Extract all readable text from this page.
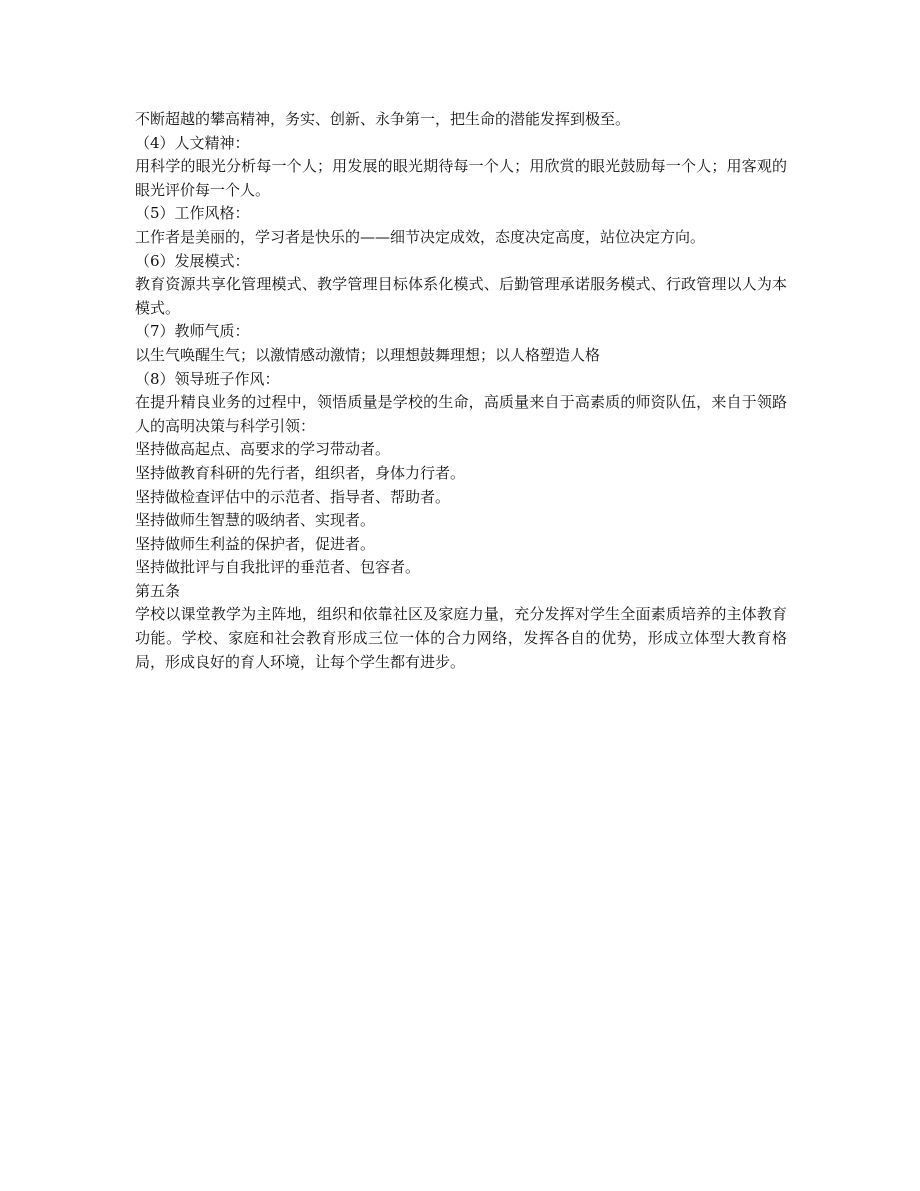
不断超越的攀高精神，务实、创新、永争第一，把生命的潜能发挥到极至。

（4）人文精神：

用科学的眼光分析每一个人；用发展的眼光期待每一个人；用欣赏的眼光鼓励每一个人；用客观的眼光评价每一个人。

（5）工作风格：

工作者是美丽的，学习者是快乐的——细节决定成效，态度决定高度，站位决定方向。

（6）发展模式：

教育资源共享化管理模式、教学管理目标体系化模式、后勤管理承诺服务模式、行政管理以人为本模式。

（7）教师气质：

以生气唤醒生气；以激情感动激情；以理想鼓舞理想；以人格塑造人格

（8）领导班子作风：

在提升精良业务的过程中，领悟质量是学校的生命，高质量来自于高素质的师资队伍，来自于领路人的高明决策与科学引领：

坚持做高起点、高要求的学习带动者。

坚持做教育科研的先行者，组织者，身体力行者。

坚持做检查评估中的示范者、指导者、帮助者。

坚持做师生智慧的吸纳者、实现者。

坚持做师生利益的保护者，促进者。

坚持做批评与自我批评的垂范者、包容者。

第五条

学校以课堂教学为主阵地，组织和依靠社区及家庭力量，充分发挥对学生全面素质培养的主体教育功能。学校、家庭和社会教育形成三位一体的合力网络，发挥各自的优势，形成立体型大教育格局，形成良好的育人环境，让每个学生都有进步。
